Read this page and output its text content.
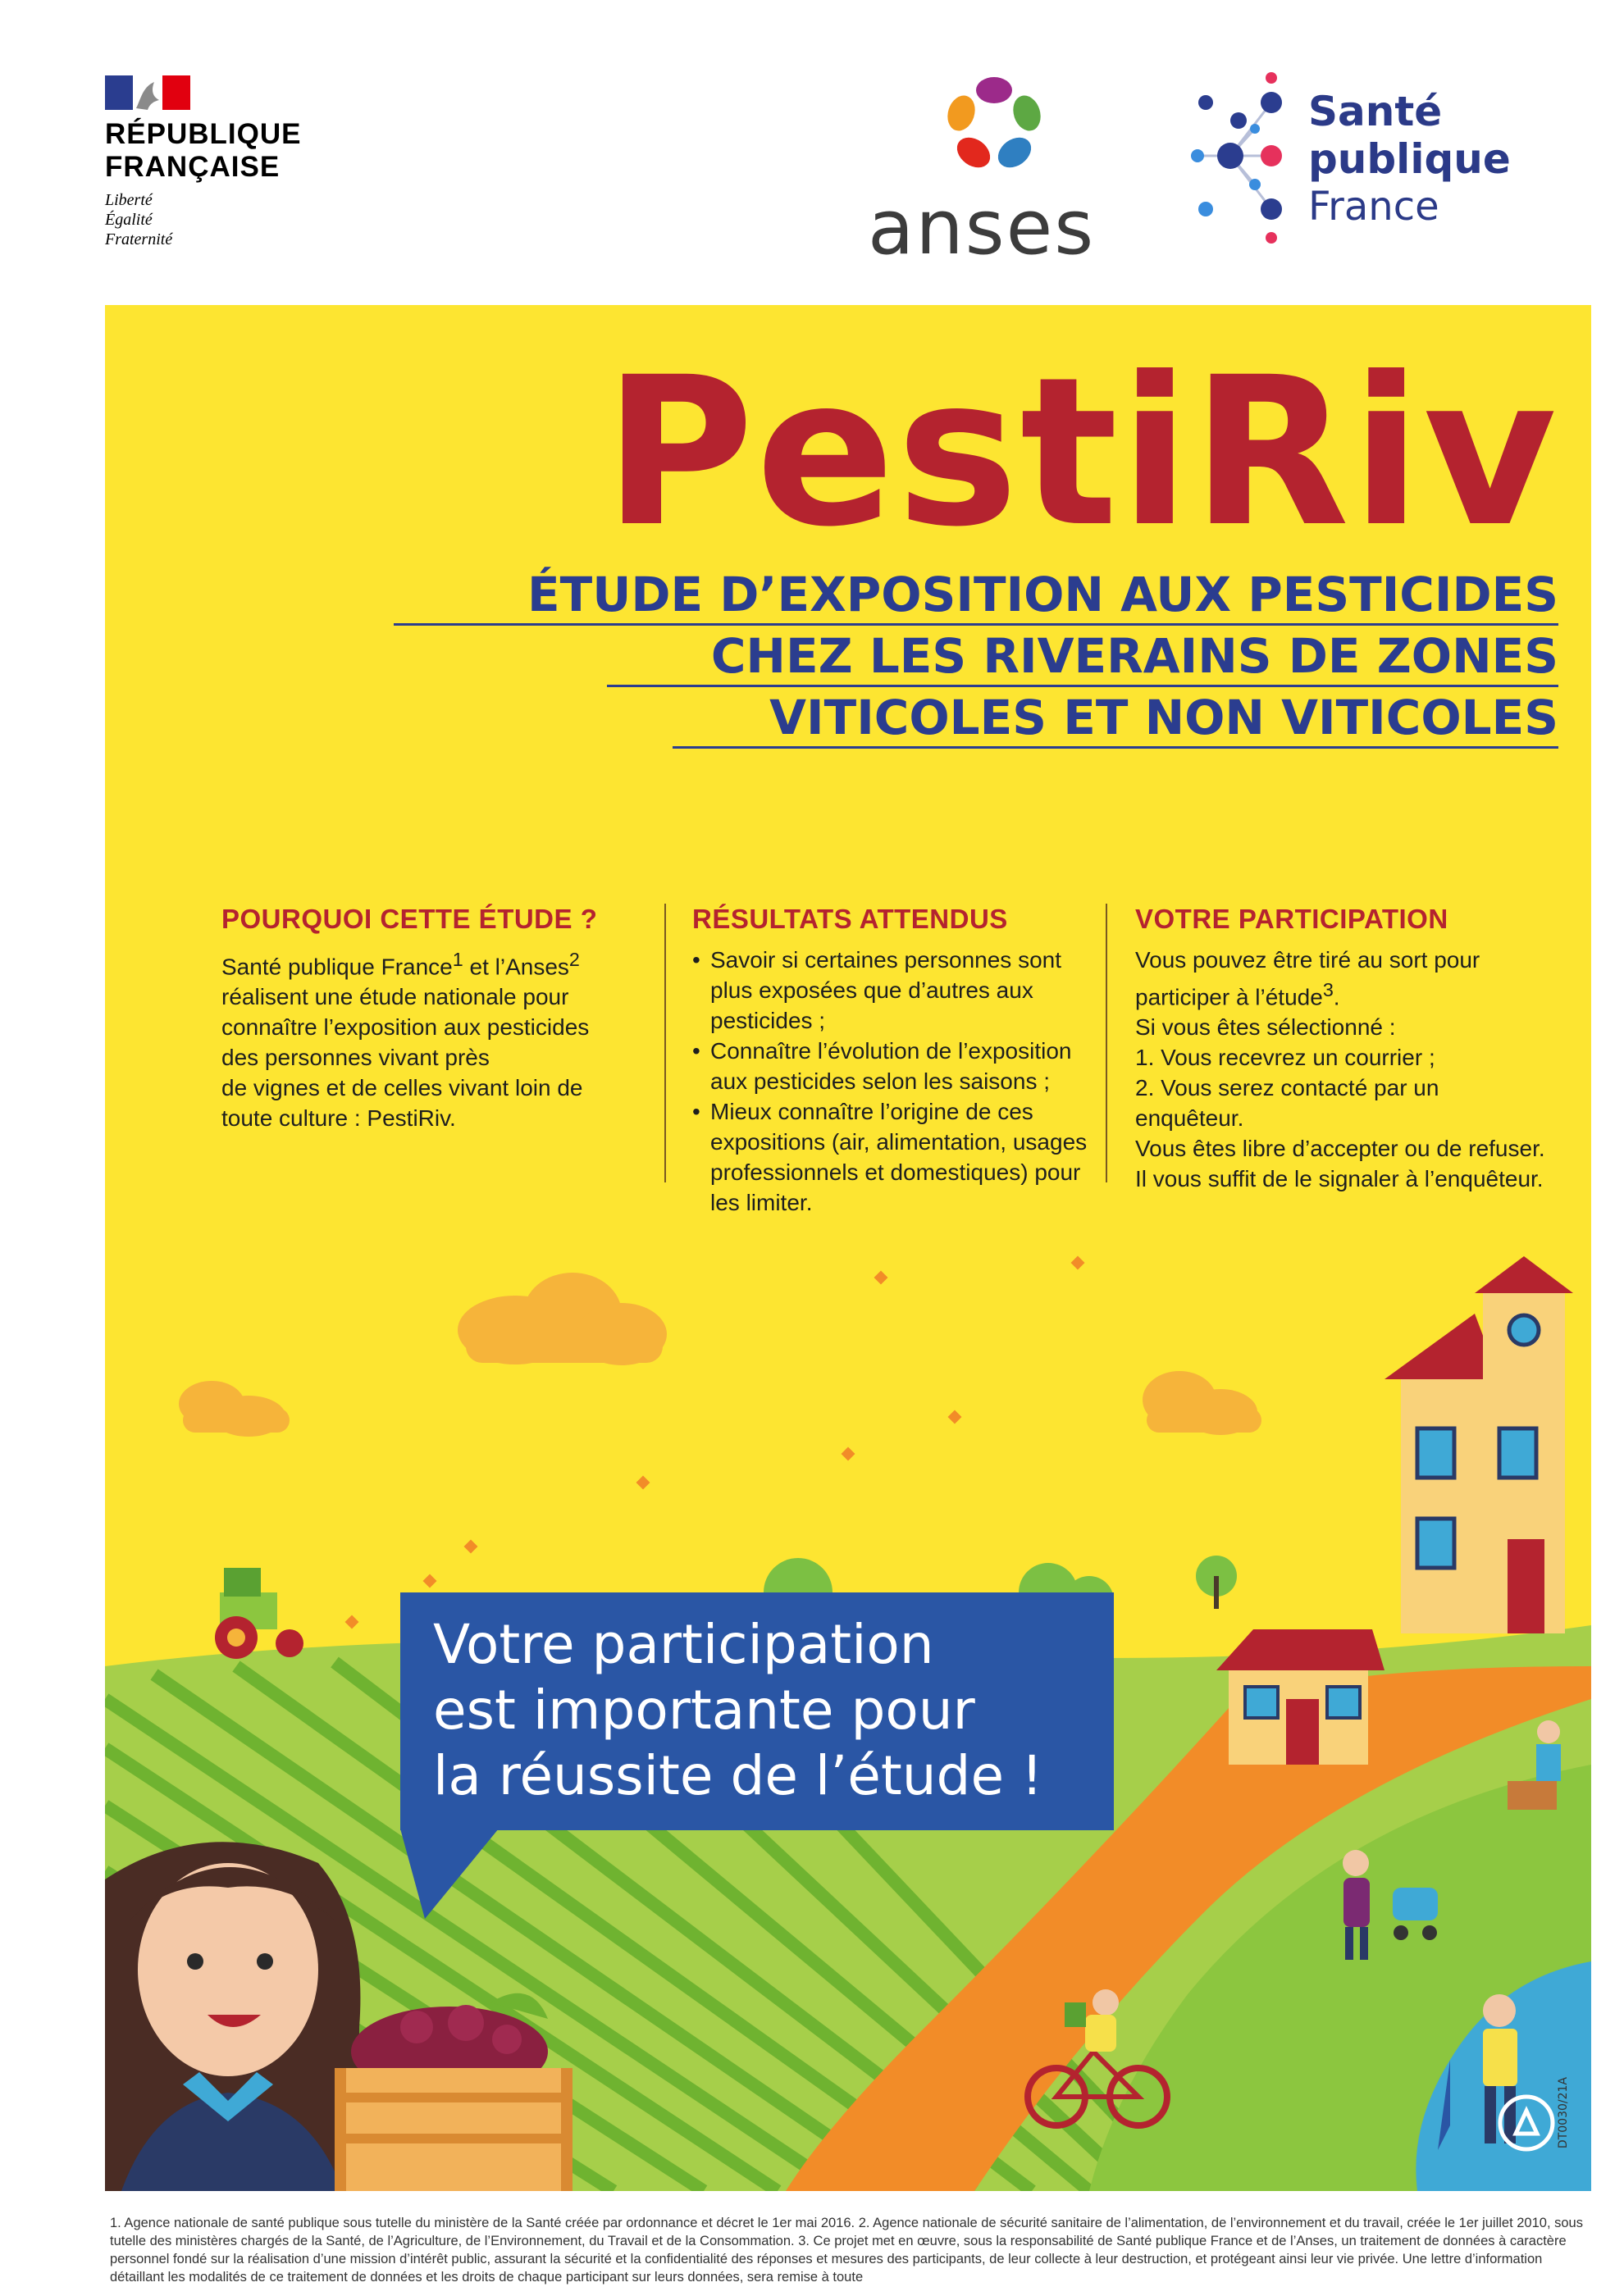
RÉPUBLIQUE
FRANÇAISE
Liberté
Égalité
Fraternité	anses
Santé
publique
France
PestiRiv
ÉTUDE D’EXPOSITION AUX PESTICIDES
CHEZ LES RIVERAINS DE ZONES
VITICOLES ET NON VITICOLES
POURQUOI CETTE ÉTUDE ?

Santé publique France$^1$ et l’Anses$^2$ réalisent une étude nationale pour connaître l’exposition aux pesticides des personnes vivant près
de vignes et de celles vivant loin de toute culture : PestiRiv.

RÉSULTATS ATTENDUS
• Savoir si certaines personnes sont plus exposées que d’autres aux pesticides ;
• Connaître l’évolution de l’exposition aux pesticides selon les saisons ;
• Mieux connaître l’origine de ces expositions (air, alimentation, usages professionnels et domestiques) pour les limiter.
VOTRE PARTICIPATION

Vous pouvez être tiré au sort pour participer à l’étude$^3$.

Si vous êtes sélectionné :

1. Vous recevrez un courrier ;

2. Vous serez contacté par un enquêteur.

Vous êtes libre d’accepter ou de refuser.

Il vous suffit de le signaler à l’enquêteur.

Votre participation
est importante pour
la réussite de l’étude !
DT0030/21A
1. Agence nationale de santé publique sous tutelle du ministère de la Santé créée par ordonnance et décret le 1er mai 2016. 2. Agence nationale de sécurité sanitaire de l’alimentation, de l’environnement et du travail, créée le 1er juillet 2010, sous tutelle des ministères chargés de la Santé, de l’Agriculture, de l’Environnement, du Travail et de la Consommation. 3. Ce projet met en œuvre, sous la responsabilité de Santé publique France et de l’Anses, un traitement de données à caractère personnel fondé sur la réalisation d’une mission d’intérêt public, assurant la sécurité et la confidentialité des réponses et mesures des participants, de leur collecte à leur destruction, et protégeant ainsi leur vie privée. Une lettre d’information détaillant les modalités de ce traitement de données et les droits de chaque participant sur leurs données, sera remise à toute
